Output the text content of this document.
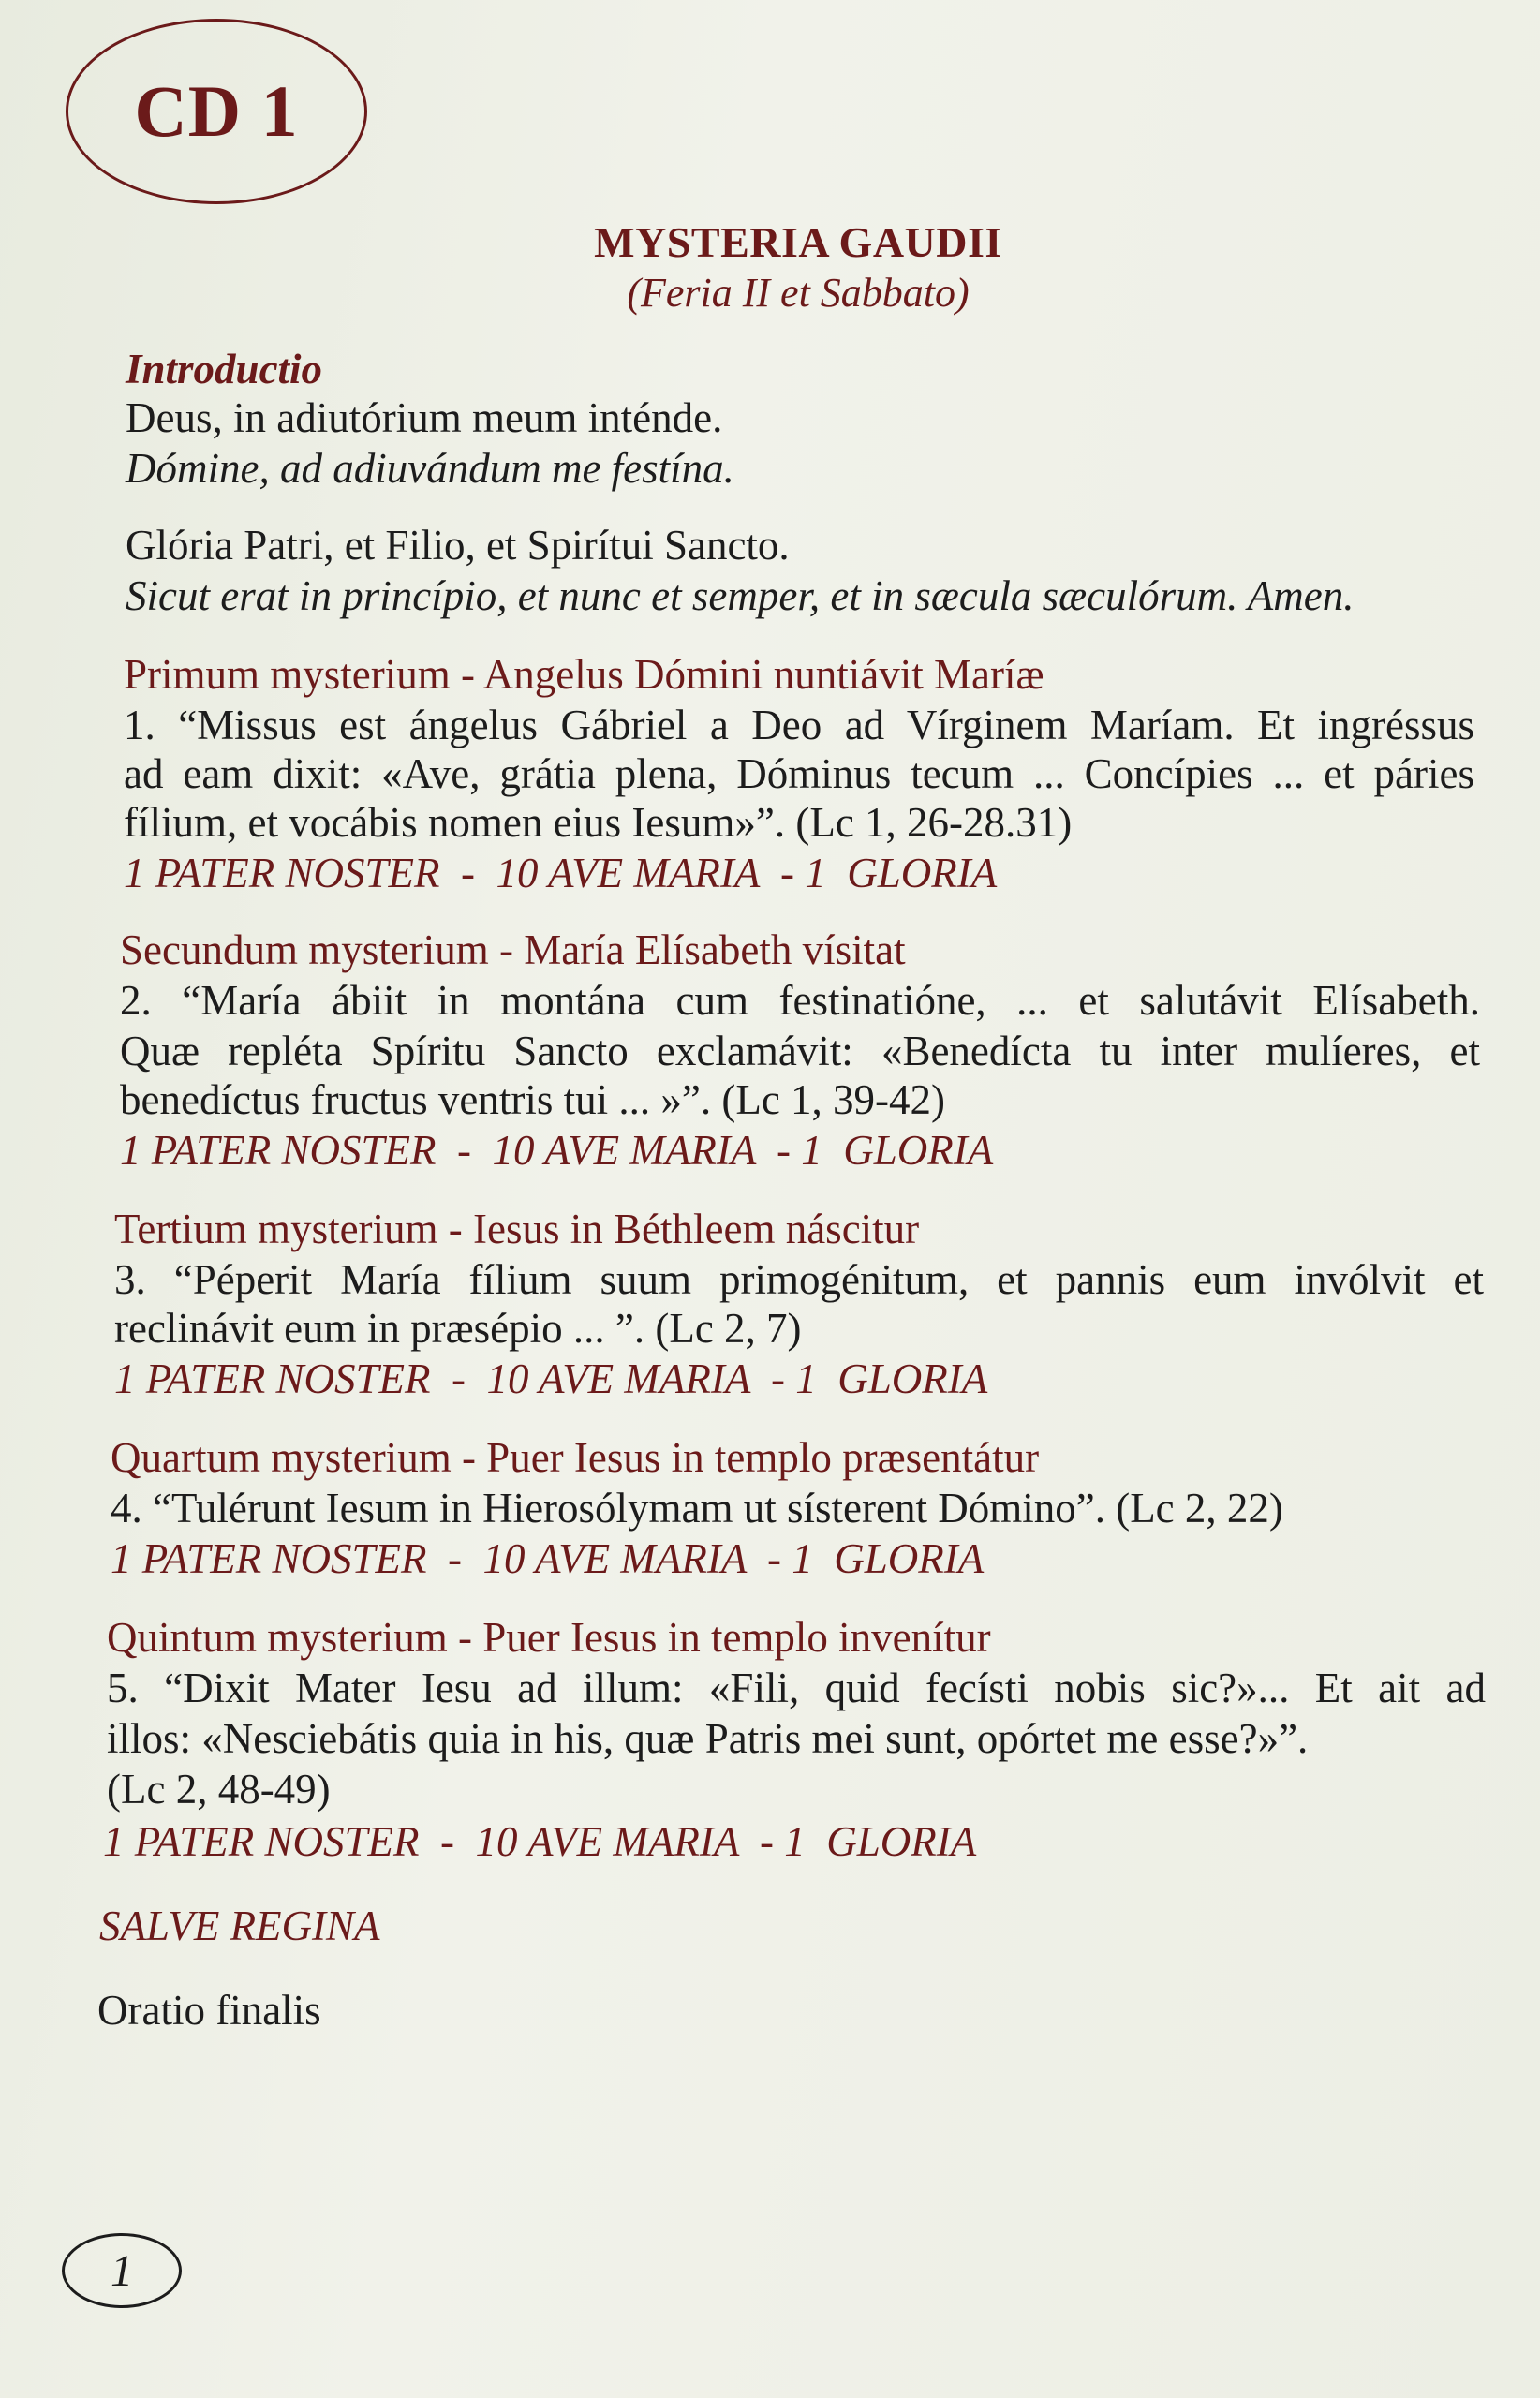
CD 1
MYSTERIA GAUDII
(Feria II et Sabbato)
Introductio
Deus, in adiutórium meum inténde.
Dómine, ad adiuvándum me festína.
Glória Patri, et Filio, et Spirítui Sancto.
Sicut erat in princípio, et nunc et semper, et in sæcula sæculórum. Amen.
Primum mysterium - Angelus Dómini nuntiávit Maríæ
1. “Missus est ángelus Gábriel a Deo ad Vírginem Maríam. Et ingréssus
ad eam dixit: «Ave, grátia plena, Dóminus tecum ... Concípies ... et páries
fílium, et vocábis nomen eius Iesum»”. (Lc 1, 26-28.31)
1 PATER NOSTER  -  10 AVE MARIA  - 1  GLORIA
Secundum mysterium - María Elísabeth vísitat
2. “María ábiit in montána cum festinatióne, ... et salutávit Elísabeth.
Quæ repléta Spíritu Sancto exclamávit: «Benedícta tu inter mulíeres, et
benedíctus fructus ventris tui ... »”. (Lc 1, 39-42)
1 PATER NOSTER  -  10 AVE MARIA  - 1  GLORIA
Tertium mysterium - Iesus in Béthleem náscitur
3. “Péperit María fílium suum primogénitum, et pannis eum invólvit et
reclinávit eum in præsépio ... ”. (Lc 2, 7)
1 PATER NOSTER  -  10 AVE MARIA  - 1  GLORIA
Quartum mysterium - Puer Iesus in templo præsentátur
4. “Tulérunt Iesum in Hierosólymam ut sísterent Dómino”. (Lc 2, 22)
1 PATER NOSTER  -  10 AVE MARIA  - 1  GLORIA
Quintum mysterium - Puer Iesus in templo invenítur
5. “Dixit Mater Iesu ad illum: «Fili, quid fecísti nobis sic?»... Et ait ad
illos: «Nesciebátis quia in his, quæ Patris mei sunt, opórtet me esse?»”.
(Lc 2, 48-49)
1 PATER NOSTER  -  10 AVE MARIA  - 1  GLORIA
SALVE REGINA
Oratio finalis
1
